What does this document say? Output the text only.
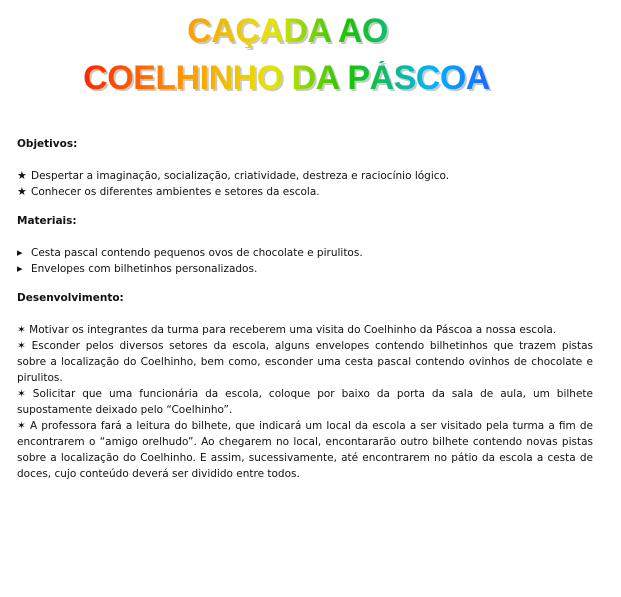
CAÇADA AO
COELHINHO DA PÁSCOA

Objetivos:

★ Despertar a imaginação, socialização, criatividade, destreza e raciocínio lógico.
★ Conhecer os diferentes ambientes e setores da escola.

Materiais:

▸ Cesta pascal contendo pequenos ovos de chocolate e pirulitos.
▸ Envelopes com bilhetinhos personalizados.

Desenvolvimento:

✶ Motivar os integrantes da turma para receberem uma visita do Coelhinho da Páscoa a nossa escola.

✶ Esconder pelos diversos setores da escola, alguns envelopes contendo bilhetinhos que trazem pistas sobre a localização do Coelhinho, bem como, esconder uma cesta pascal contendo ovinhos de chocolate e pirulitos.

✶ Solicitar que uma funcionária da escola, coloque por baixo da porta da sala de aula, um bilhete supostamente deixado pelo “Coelhinho”.

✶ A professora fará a leitura do bilhete, que indicará um local da escola a ser visitado pela turma a fim de encontrarem o “amigo orelhudo”. Ao chegarem no local, encontararão outro bilhete contendo novas pistas sobre a localização do Coelhinho. E assim, sucessivamente, até encontrarem no pátio da escola a cesta de doces, cujo conteúdo deverá ser dividido entre todos.
